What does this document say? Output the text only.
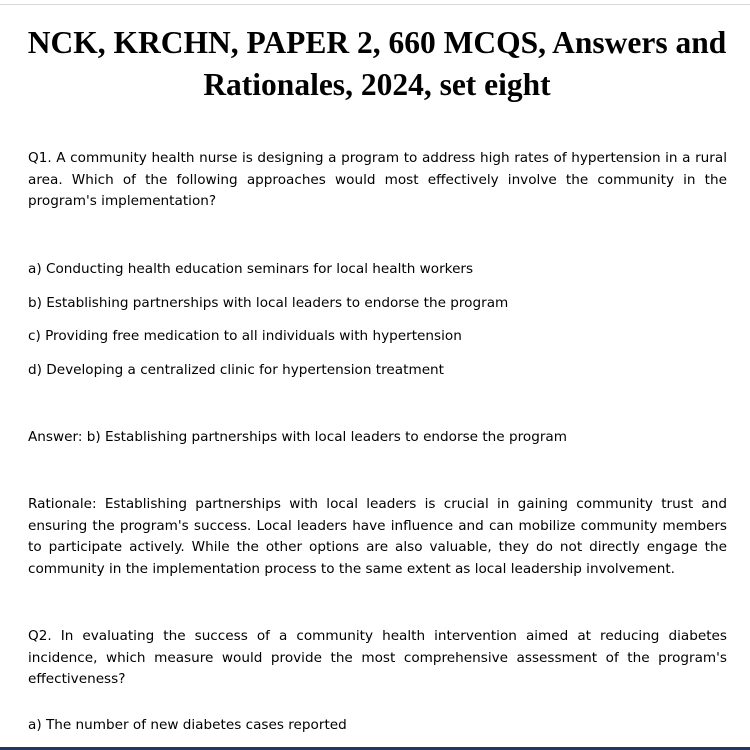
NCK, KRCHN, PAPER 2, 660 MCQS, Answers and Rationales, 2024, set eight

Q1. A community health nurse is designing a program to address high rates of hypertension in a rural area. Which of the following approaches would most effectively involve the community in the program's implementation?

a) Conducting health education seminars for local health workers

b) Establishing partnerships with local leaders to endorse the program

c) Providing free medication to all individuals with hypertension

d) Developing a centralized clinic for hypertension treatment

Answer: b) Establishing partnerships with local leaders to endorse the program

Rationale: Establishing partnerships with local leaders is crucial in gaining community trust and ensuring the program's success. Local leaders have influence and can mobilize community members to participate actively. While the other options are also valuable, they do not directly engage the community in the implementation process to the same extent as local leadership involvement.

Q2. In evaluating the success of a community health intervention aimed at reducing diabetes incidence, which measure would provide the most comprehensive assessment of the program's effectiveness?

a) The number of new diabetes cases reported
